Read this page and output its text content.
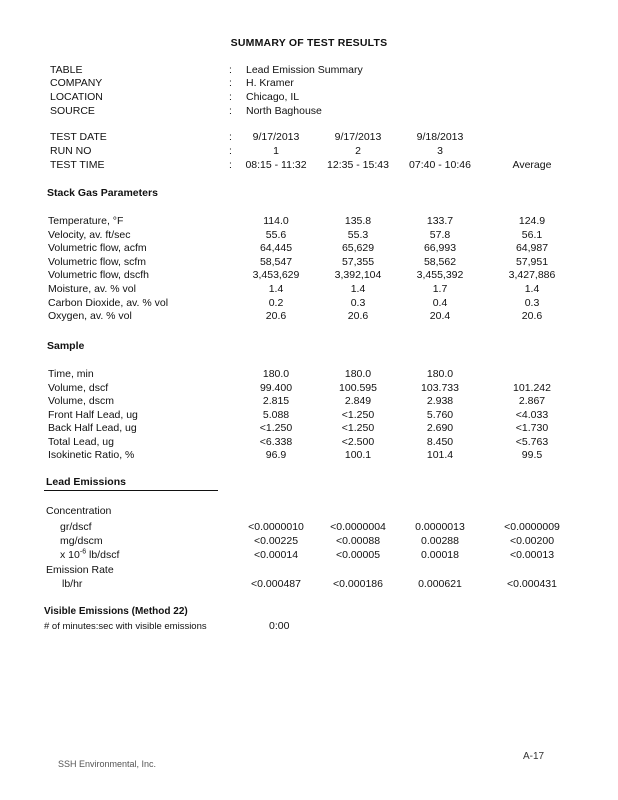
SUMMARY OF TEST RESULTS
TABLE	: Lead Emission Summary
COMPANY	: H. Kramer
LOCATION	: Chicago, IL
SOURCE	: North Baghouse
TEST DATE	:	9/17/2013	9/17/2013	9/18/2013
RUN NO	:	1	2	3
TEST TIME	:	08:15 - 11:32	12:35 - 15:43	07:40 - 10:46	Average
Stack Gas Parameters
Temperature, °F	114.0	135.8	133.7	124.9
Velocity, av. ft/sec	55.6	55.3	57.8	56.1
Volumetric flow, acfm	64,445	65,629	66,993	64,987
Volumetric flow, scfm	58,547	57,355	58,562	57,951
Volumetric flow, dscfh	3,453,629	3,392,104	3,455,392	3,427,886
Moisture, av. % vol	1.4	1.4	1.7	1.4
Carbon Dioxide, av. % vol	0.2	0.3	0.4	0.3
Oxygen, av. % vol	20.6	20.6	20.4	20.6
Sample
Time, min	180.0	180.0	180.0
Volume, dscf	99.400	100.595	103.733	101.242
Volume, dscm	2.815	2.849	2.938	2.867
Front Half Lead, ug	5.088	<1.250	5.760	<4.033
Back Half Lead, ug	<1.250	<1.250	2.690	<1.730
Total Lead, ug	<6.338	<2.500	8.450	<5.763
Isokinetic Ratio, %	96.9	100.1	101.4	99.5
Lead Emissions
Concentration
gr/dscf	<0.0000010	<0.0000004	0.0000013	<0.0000009
mg/dscm	<0.00225	<0.00088	0.00288	<0.00200
x $10^{-6}$ lb/dscf	<0.00014	<0.00005	0.00018	<0.00013
Emission Rate
lb/hr	<0.000487	<0.000186	0.000621	<0.000431
Visible Emissions (Method 22)
# of minutes:sec with visible emissions	0:00
SSH Environmental, Inc.
A-17
